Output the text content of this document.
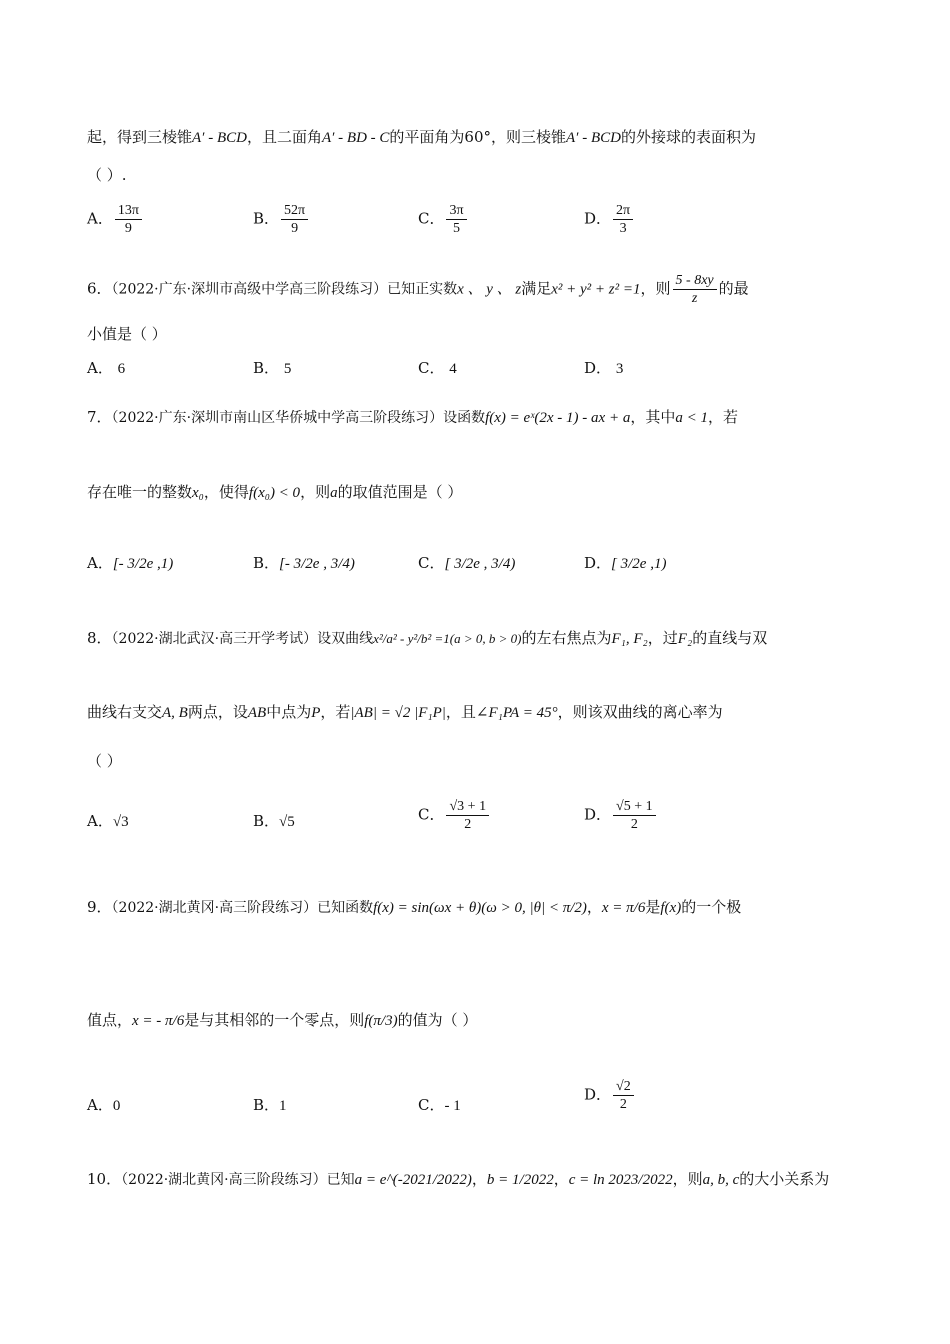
起，得到三棱锥A′ - BCD，且二面角A′ - BD - C的平面角为60°，则三棱锥A′ - BCD的外接球的表面积为
（ ）.
A． $\frac{13\pi}{9}$	B． $\frac{52\pi}{9}$	C． $\frac{3\pi}{5}$	D． $\frac{2\pi}{3}$
6．（2022·广东·深圳市高级中学高三阶段练习）已知正实数x 、 y 、 z满足x² + y² + z² =1，则 $\frac{5 - 8xy}{z}$ 的最
小值是（ ）
A． 6	B． 5	C． 4	D． 3
7．（2022·广东·深圳市南山区华侨城中学高三阶段练习）设函数f(x) = eˣ(2x - 1) - ax + a，其中a < 1，若
存在唯一的整数x₀，使得f(x₀) < 0，则a的取值范围是（ ）
A．[- 3/2e ,1)	B．[- 3/2e , 3/4)	C．[ 3/2e , 3/4)	D．[ 3/2e ,1)
8．（2022·湖北武汉·高三开学考试）设双曲线x²/a² - y²/b² =1(a > 0, b > 0)的左右焦点为F₁, F₂，过F₂的直线与双
曲线右支交A, B两点，设AB中点为P，若|AB| = √2 |F₁P|，且∠F₁PA = 45°，则该双曲线的离心率为
（ ）
A．√3	B．√5	C． $\frac{√3 + 1}{2}$	D． $\frac{√5 + 1}{2}$
9．（2022·湖北黄冈·高三阶段练习）已知函数f(x) = sin(ωx + θ)(ω > 0, |θ| < π/2)，x = π/6是f(x)的一个极
值点，x = - π/6是与其相邻的一个零点，则f(π/3)的值为（ ）
A．0	B．1	C．- 1
D． $\frac{√2}{2}$
10．（2022·湖北黄冈·高三阶段练习）已知a = e^(-2021/2022)，b = 1/2022，c = ln 2023/2022，则a, b, c的大小关系为
